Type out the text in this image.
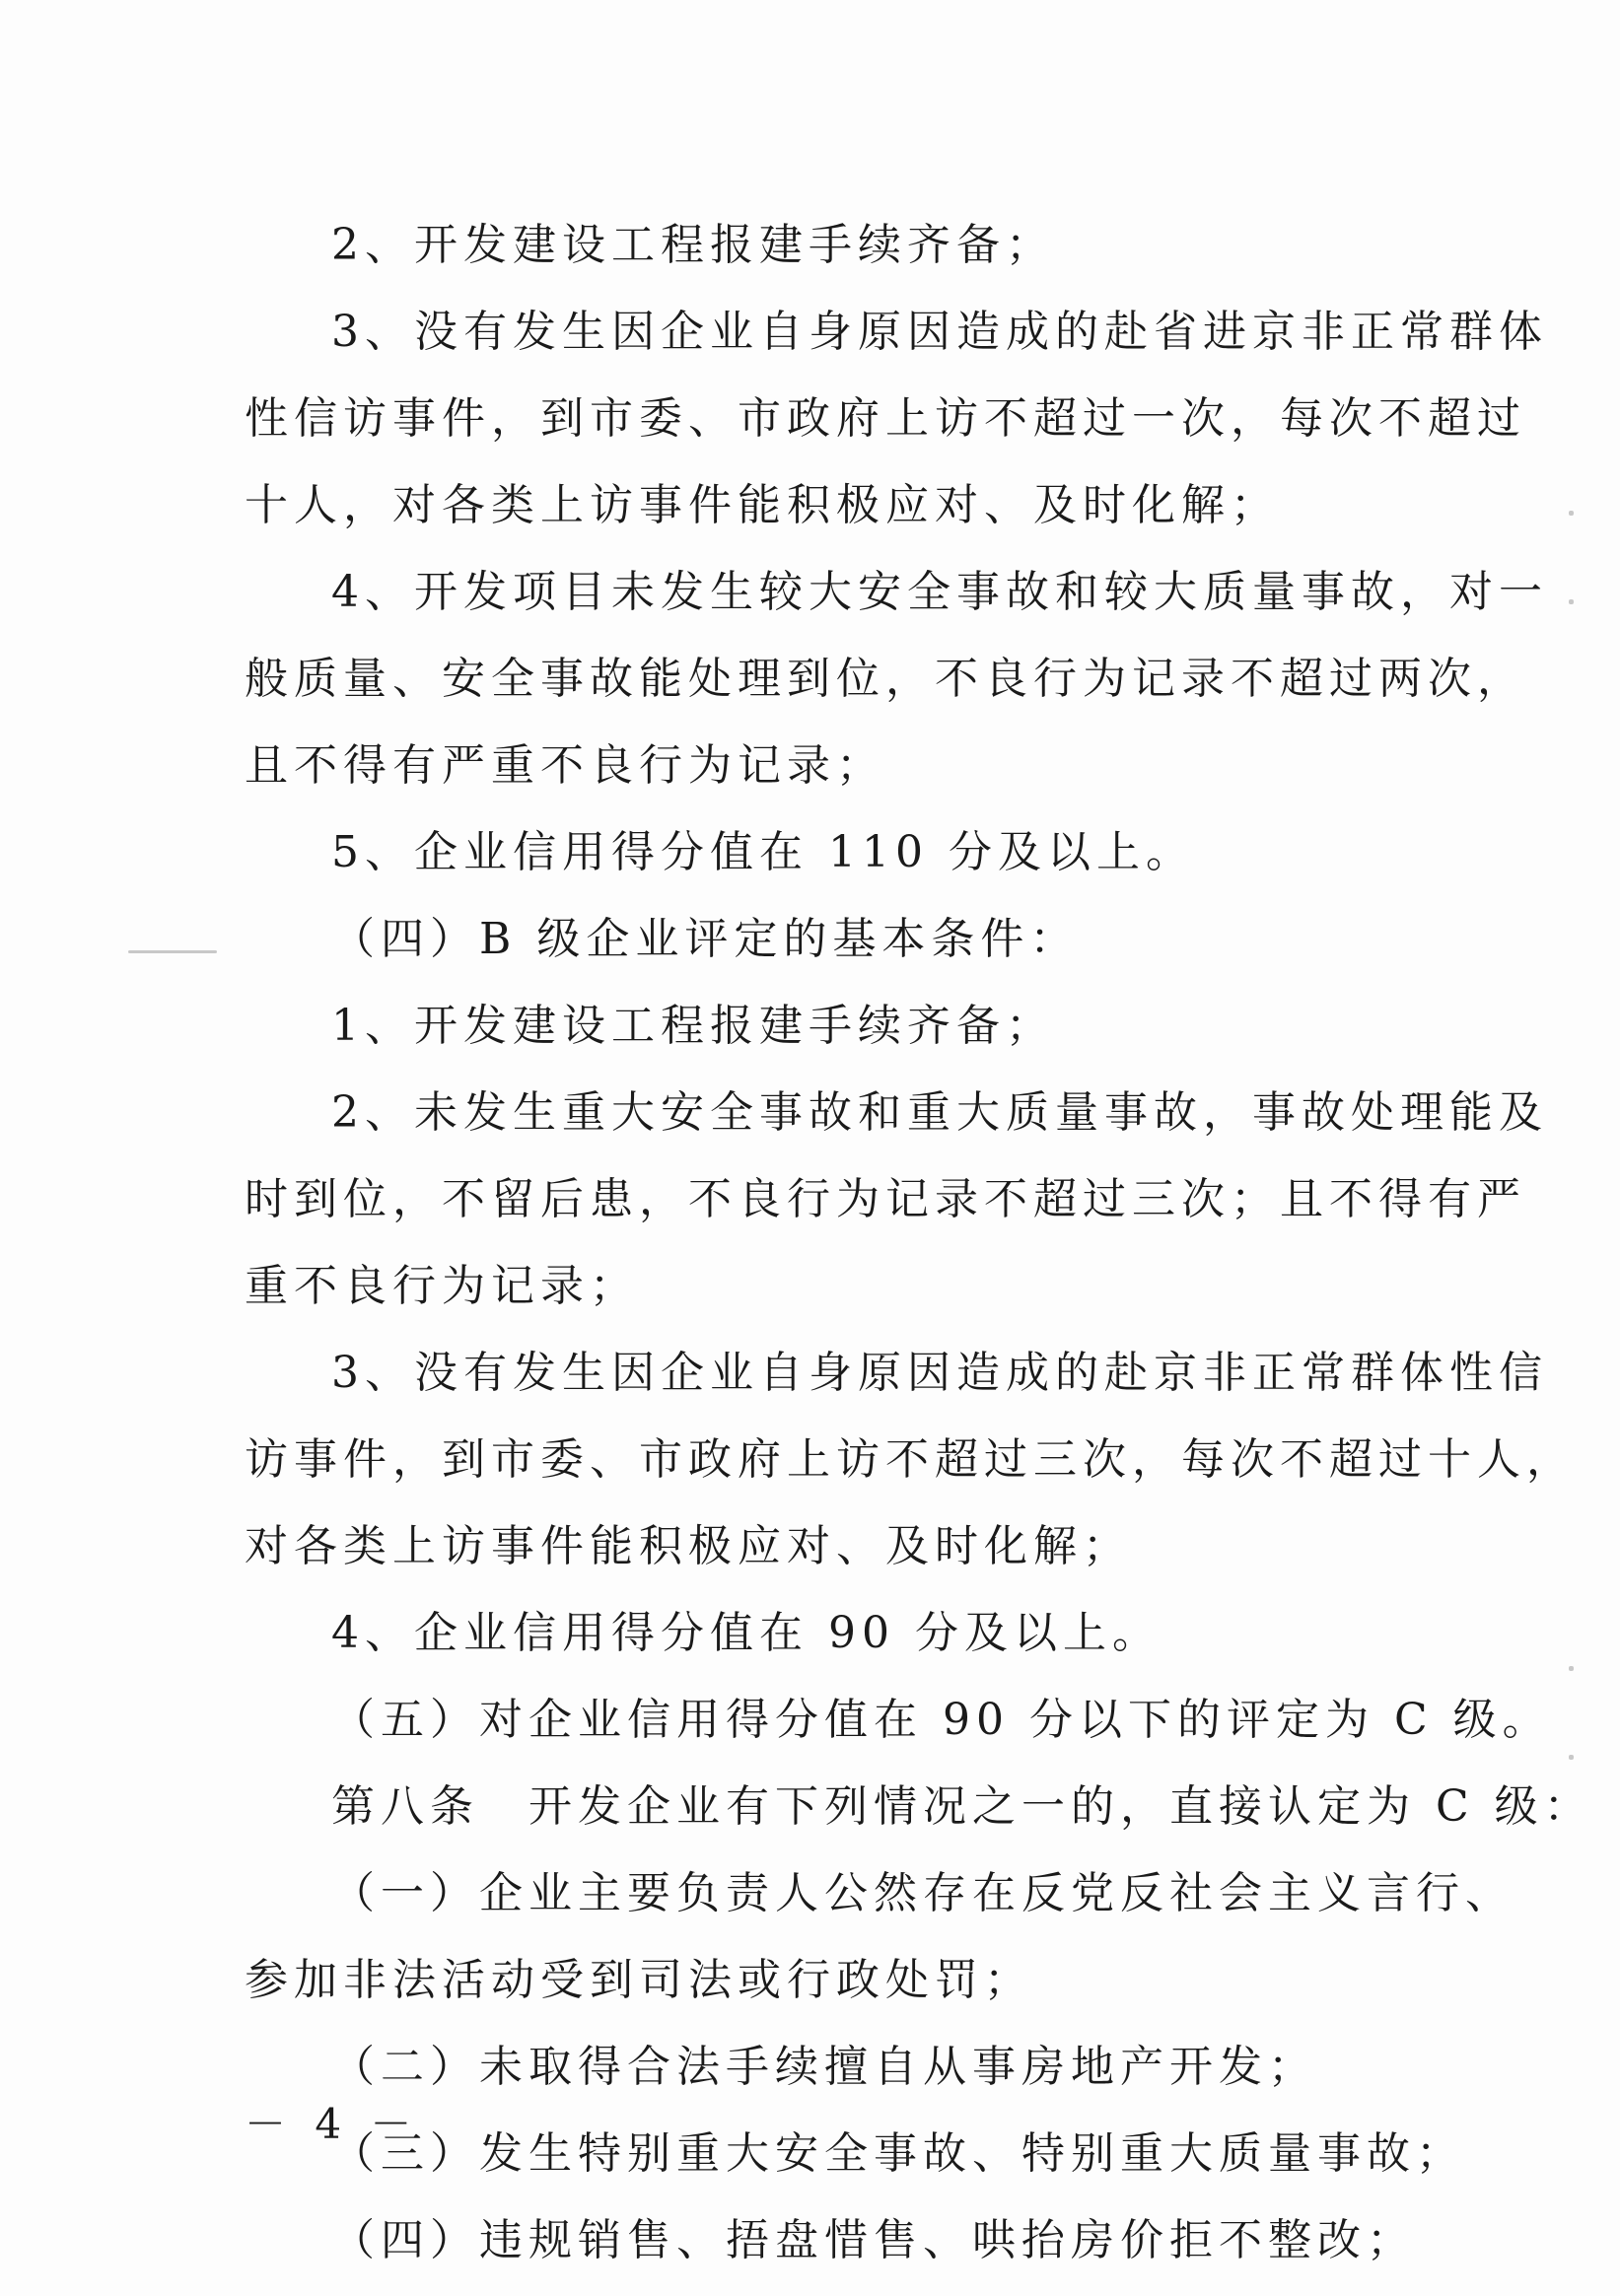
2、开发建设工程报建手续齐备；
3、没有发生因企业自身原因造成的赴省进京非正常群体
性信访事件，到市委、市政府上访不超过一次，每次不超过
十人，对各类上访事件能积极应对、及时化解；
4、开发项目未发生较大安全事故和较大质量事故，对一
般质量、安全事故能处理到位，不良行为记录不超过两次，
且不得有严重不良行为记录；
5、企业信用得分值在 110 分及以上。
（四）B 级企业评定的基本条件：
1、开发建设工程报建手续齐备；
2、未发生重大安全事故和重大质量事故，事故处理能及
时到位，不留后患，不良行为记录不超过三次；且不得有严
重不良行为记录；
3、没有发生因企业自身原因造成的赴京非正常群体性信
访事件，到市委、市政府上访不超过三次，每次不超过十人，
对各类上访事件能积极应对、及时化解；
4、企业信用得分值在 90 分及以上。
（五）对企业信用得分值在 90 分以下的评定为 C 级。
第八条　开发企业有下列情况之一的，直接认定为 C 级：
（一）企业主要负责人公然存在反党反社会主义言行、
参加非法活动受到司法或行政处罚；
（二）未取得合法手续擅自从事房地产开发；
（三）发生特别重大安全事故、特别重大质量事故；
（四）违规销售、捂盘惜售、哄抬房价拒不整改；
－ 4 －
